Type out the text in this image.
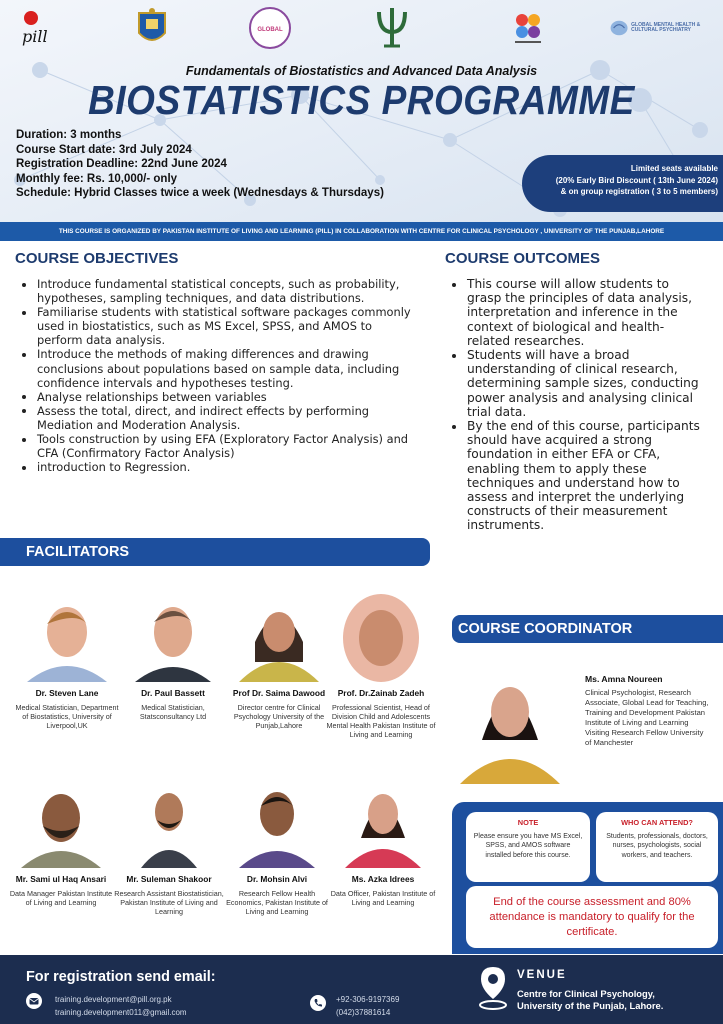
pill	GLOBAL
GLOBAL MENTAL HEALTH & CULTURAL PSYCHIATRY
Fundamentals of Biostatistics and Advanced Data Analysis
BIOSTATISTICS PROGRAMME
Duration: 3 months
Course Start date: 3rd July 2024
Registration Deadline: 22nd June 2024
Monthly fee: Rs. 10,000/- only
Schedule: Hybrid Classes twice a week (Wednesdays & Thursdays)
Limited seats available
(20% Early Bird Discount ( 13th June 2024) & on group registration ( 3 to 5 members)
THIS COURSE IS ORGANIZED BY PAKISTAN INSTITUTE OF LIVING AND LEARNING (PILL) IN COLLABORATION WITH CENTRE FOR CLINICAL PSYCHOLOGY , UNIVERSITY OF THE PUNJAB,LAHORE
COURSE OBJECTIVES
Introduce fundamental statistical concepts, such as probability, hypotheses, sampling techniques, and data distributions.
Familiarise students with statistical software packages commonly used in biostatistics, such as MS Excel, SPSS, and AMOS to perform data analysis.
Introduce the methods of making differences and drawing conclusions about populations based on sample data, including confidence intervals and hypotheses testing.
Analyse relationships between variables
Assess the total, direct, and indirect effects by performing Mediation and Moderation Analysis.
Tools construction by using EFA (Exploratory Factor Analysis) and CFA (Confirmatory Factor Analysis)
introduction to Regression.
COURSE OUTCOMES
This course will allow students to grasp the principles of data analysis, interpretation and inference in the context of biological and health-related researches.
Students will have a broad understanding of clinical research, determining sample sizes, conducting power analysis and analysing clinical trial data.
By the end of this course, participants should have acquired a strong foundation in either EFA or CFA, enabling them to apply these techniques and understand how to assess and interpret the underlying constructs of their measurement instruments.
FACILITATORS
Dr. Steven Lane
Medical Statistician, Department of Biostatistics, University of Liverpool,UK
Dr. Paul Bassett
Medical Statistician, Statsconsultancy Ltd
Prof Dr. Saima Dawood
Director centre for Clinical Psychology University of the Punjab,Lahore
Prof. Dr.Zainab Zadeh
Professional Scientist, Head of Division Child and Adolescents Mental Health Pakistan Institute of Living and Learning
Mr. Sami ul Haq Ansari
Data Manager Pakistan Institute of Living and Learning
Mr. Suleman Shakoor
Research Assistant Biostatistician, Pakistan Institute of Living and Learning
Dr. Mohsin Alvi
Research Fellow Health Economics, Pakistan Institute of Living and Learning
Ms. Azka Idrees
Data Officer, Pakistan Institute of Living and Learning
COURSE COORDINATOR
Ms. Amna Noureen
Clinical Psychologist, Research Associate, Global Lead for Teaching, Training and Development Pakistan Institute of Living and Learning Visiting Research Fellow University of Manchester
NOTE
Please ensure you have MS Excel, SPSS, and AMOS software installed before this course.
WHO CAN ATTEND?
Students, professionals, doctors, nurses, psychologists, social workers, and teachers.
End of the course assessment and 80% attendance is mandatory to qualify for the certificate.
For registration send email:
training.development@pill.org.pk
training.development011@gmail.com
+92-306-9197369
(042)37881614
VENUE
Centre for Clinical Psychology,
University of the Punjab, Lahore.
